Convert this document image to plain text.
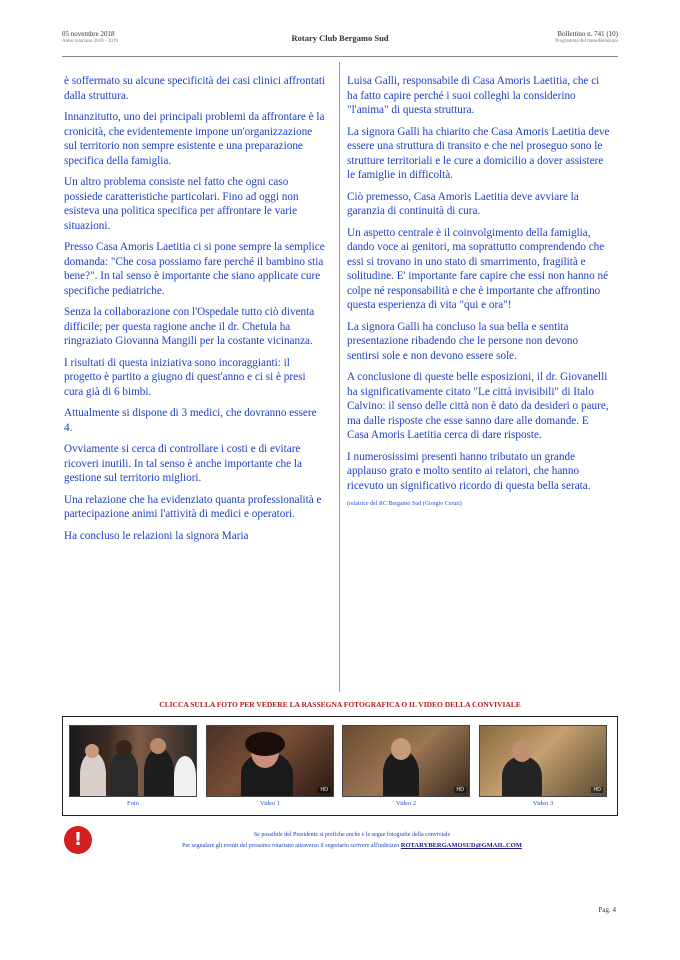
05 novembre 2018
Anno rotariano 2018 - 2019	Rotary Club Bergamo Sud	Bollettino n. 741 (10)
Programma del mese/Relazioni

è soffermato su alcune specificità dei casi clinici affrontati dalla struttura.

Innanzitutto, uno dei principali problemi da affrontare è la cronicità, che evidentemente impone un'organizzazione sul territorio non sempre esistente e una preparazione specifica della famiglia.

Un altro problema consiste nel fatto che ogni caso possiede caratteristiche particolari. Fino ad oggi non esisteva una politica specifica per affrontare le varie situazioni.

Presso Casa Amoris Laetitia ci si pone sempre la semplice domanda: "Che cosa possiamo fare perché il bambino stia bene?". In tal senso è importante che siano applicate cure specifiche pediatriche.

Senza la collaborazione con l'Ospedale tutto ciò diventa difficile; per questa ragione anche il dr. Chetula ha ringraziato Giovanna Mangili per la costante vicinanza.

I risultati di questa iniziativa sono incoraggianti: il progetto è partito a giugno di quest'anno e ci si è presi cura già di 6 bimbi.

Attualmente si dispone di 3 medici, che dovranno essere 4.

Ovviamente si cerca di controllare i costi e di evitare ricoveri inutili. In tal senso è anche importante che la gestione sul territorio migliori.

Una relazione che ha evidenziato quanta professionalità e partecipazione animi l'attività di medici e operatori.

Ha concluso le relazioni la signora Maria

Luisa Galli, responsabile di Casa Amoris Laetitia, che ci ha fatto capire perché i suoi colleghi la considerino "l'anima" di questa struttura.

La signora Galli ha chiarito che Casa Amoris Laetitia deve essere una struttura di transito e che nel proseguo sono le strutture territoriali e le cure a domicilio a dover assistere le famiglie in difficoltà.

Ciò premesso, Casa Amoris Laetitia deve avviare la garanzia di continuità di cura.

Un aspetto centrale è il coinvolgimento della famiglia, dando voce ai genitori, ma soprattutto comprendendo che essi si trovano in uno stato di smarrimento, fragilità e solitudine. E' importante fare capire che essi non hanno né colpe né responsabilità e che è importante che affrontino questa esperienza di vita "qui e ora"!

La signora Galli ha concluso la sua bella e sentita presentazione ribadendo che le persone non devono sentirsi sole e non devono essere sole.

A conclusione di queste belle esposizioni, il dr. Giovanelli ha significativamente citato "Le città invisibili" di Italo Calvino: il senso delle città non è dato da desideri o paure, ma dalle risposte che esse sanno dare alle domande. E Casa Amoris Laetitia cerca di dare risposte.

I numerosissimi presenti hanno tributato un grande applauso grato e molto sentito ai relatori, che hanno ricevuto un significativo ricordo di questa bella serata.

(relatrice del RC Bergamo Sud (Giorgio Ceruti)

CLICCA SULLA FOTO PER VEDERE LA RASSEGNA FOTOGRAFICA O IL VIDEO DELLA CONVIVIALE
Foto
HD
Video 1
HD
Video 2
HD
Video 3
!	Se possibile del Presidente si prefiche anche e le segue fotografie della conviviale
Per segnalare gli eventi del prossimo rotariano attraverso il segretario scrivere all'indirizzo ROTARYBERGAMOSUD@GMAIL.COM
Pag. 4
